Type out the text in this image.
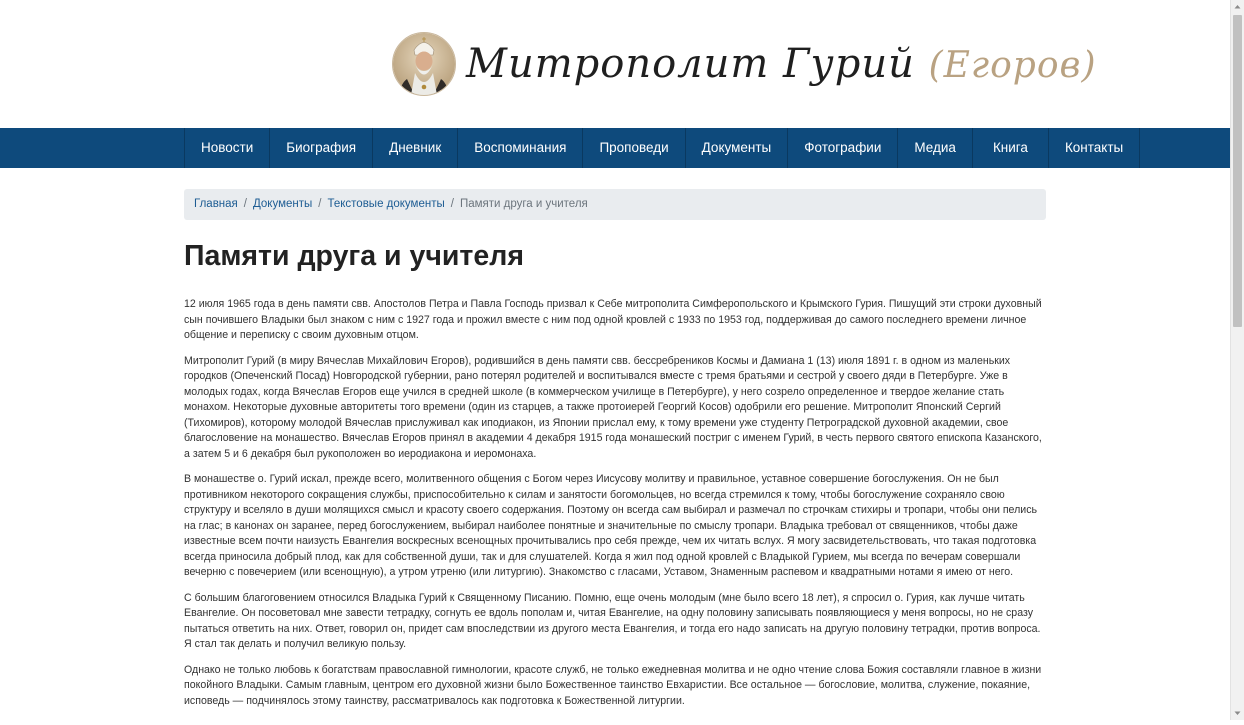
Митрополит Гурий (Егоров)
Новости	Биография	Дневник	Воспоминания	Проповеди	Документы	Фотографии	Медиа	Книга	Контакты
Главная / Документы / Текстовые документы / Памяти друга и учителя
Памяти друга и учителя

12 июля 1965 года в день памяти свв. Апостолов Петра и Павла Господь призвал к Себе митрополита Симферопольского и Крымского Гурия. Пишущий эти строки духовный сын почившего Владыки был знаком с ним с 1927 года и прожил вместе с ним под одной кровлей с 1933 по 1953 год, поддерживая до самого последнего времени личное общение и переписку с своим духовным отцом.

Митрополит Гурий (в миру Вячеслав Михайлович Егоров), родившийся в день памяти свв. бессребреников Космы и Дамиана 1 (13) июля 1891 г. в одном из маленьких городков (Опеченский Посад) Новгородской губернии, рано потерял родителей и воспитывался вместе с тремя братьями и сестрой у своего дяди в Петербурге. Уже в молодых годах, когда Вячеслав Егоров еще учился в средней школе (в коммерческом училище в Петербурге), у него созрело определенное и твердое желание стать монахом. Некоторые духовные авторитеты того времени (один из старцев, а также протоиерей Георгий Косов) одобрили его решение. Митрополит Японский Сергий (Тихомиров), которому молодой Вячеслав прислуживал как иподиакон, из Японии прислал ему, к тому времени уже студенту Петроградской духовной академии, свое благословение на монашество. Вячеслав Егоров принял в академии 4 декабря 1915 года монашеский постриг с именем Гурий, в честь первого святого епископа Казанского, а затем 5 и 6 декабря был рукоположен во иеродиакона и иеромонаха.

В монашестве о. Гурий искал, прежде всего, молитвенного общения с Богом через Иисусову молитву и правильное, уставное совершение богослужения. Он не был противником некоторого сокращения службы, приспособительно к силам и занятости богомольцев, но всегда стремился к тому, чтобы богослужение сохраняло свою структуру и вселяло в души молящихся смысл и красоту своего содержания. Поэтому он всегда сам выбирал и размечал по строчкам стихиры и тропари, чтобы они пелись на глас; в канонах он заранее, перед богослужением, выбирал наиболее понятные и значительные по смыслу тропари. Владыка требовал от священников, чтобы даже известные всем почти наизусть Евангелия воскресных всенощных прочитывались про себя прежде, чем их читать вслух. Я могу засвидетельствовать, что такая подготовка всегда приносила добрый плод, как для собственной души, так и для слушателей. Когда я жил под одной кровлей с Владыкой Гурием, мы всегда по вечерам совершали вечерню с повечерием (или всенощную), а утром утреню (или литургию). Знакомство с гласами, Уставом, Знаменным распевом и квадратными нотами я имею от него.

С большим благоговением относился Владыка Гурий к Священному Писанию. Помню, еще очень молодым (мне было всего 18 лет), я спросил о. Гурия, как лучше читать Евангелие. Он посоветовал мне завести тетрадку, согнуть ее вдоль пополам и, читая Евангелие, на одну половину записывать появляющиеся у меня вопросы, но не сразу пытаться ответить на них. Ответ, говорил он, придет сам впоследствии из другого места Евангелия, и тогда его надо записать на другую половину тетрадки, против вопроса. Я стал так делать и получил великую пользу.

Однако не только любовь к богатствам православной гимнологии, красоте служб, не только ежедневная молитва и не одно чтение слова Божия составляли главное в жизни покойного Владыки. Самым главным, центром его духовной жизни было Божественное таинство Евхаристии. Все остальное — богословие, молитва, служение, покаяние, исповедь — подчинялось этому таинству, рассматривалось как подготовка к Божественной литургии.
